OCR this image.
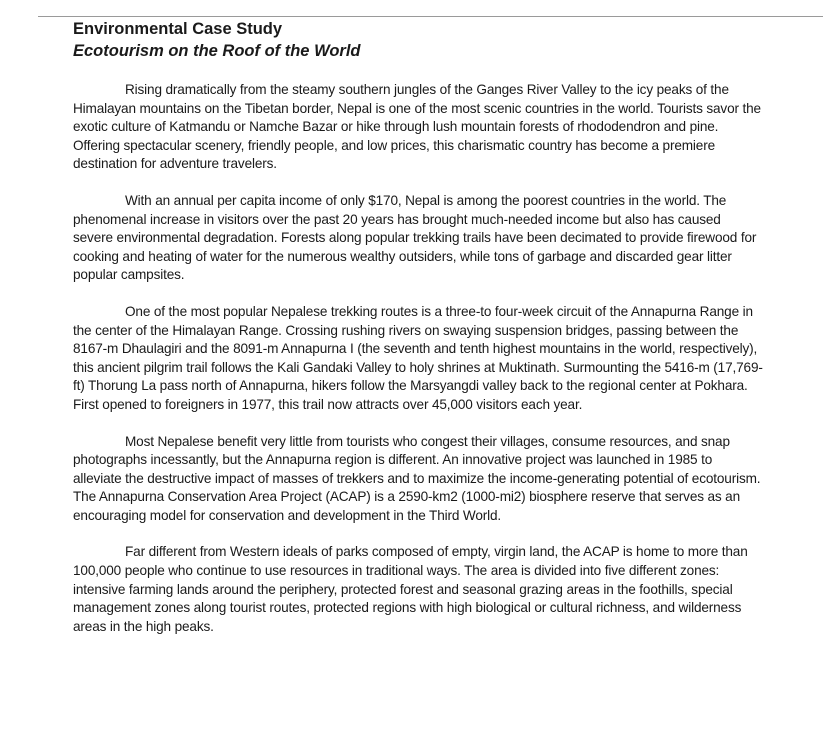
Environmental Case Study
Ecotourism on the Roof of the World

Rising dramatically from the steamy southern jungles of the Ganges River Valley to the icy peaks of the Himalayan mountains on the Tibetan border, Nepal is one of the most scenic countries in the world. Tourists savor the exotic culture of Katmandu or Namche Bazar or hike through lush mountain forests of rhododendron and pine. Offering spectacular scenery, friendly people, and low prices, this charismatic country has become a premiere destination for adventure travelers.

With an annual per capita income of only $170, Nepal is among the poorest countries in the world. The phenomenal increase in visitors over the past 20 years has brought much-needed income but also has caused severe environmental degradation. Forests along popular trekking trails have been decimated to provide firewood for cooking and heating of water for the numerous wealthy outsiders, while tons of garbage and discarded gear litter popular campsites.

One of the most popular Nepalese trekking routes is a three-to four-week circuit of the Annapurna Range in the center of the Himalayan Range. Crossing rushing rivers on swaying suspension bridges, passing between the 8167-m Dhaulagiri and the 8091-m Annapurna I (the seventh and tenth highest mountains in the world, respectively), this ancient pilgrim trail follows the Kali Gandaki Valley to holy shrines at Muktinath. Surmounting the 5416-m (17,769-ft) Thorung La pass north of Annapurna, hikers follow the Marsyangdi valley back to the regional center at Pokhara. First opened to foreigners in 1977, this trail now attracts over 45,000 visitors each year.

Most Nepalese benefit very little from tourists who congest their villages, consume resources, and snap photographs incessantly, but the Annapurna region is different. An innovative project was launched in 1985 to alleviate the destructive impact of masses of trekkers and to maximize the income-generating potential of ecotourism. The Annapurna Conservation Area Project (ACAP) is a 2590-km2 (1000-mi2) biosphere reserve that serves as an encouraging model for conservation and development in the Third World.

Far different from Western ideals of parks composed of empty, virgin land, the ACAP is home to more than 100,000 people who continue to use resources in traditional ways. The area is divided into five different zones: intensive farming lands around the periphery, protected forest and seasonal grazing areas in the foothills, special management zones along tourist routes, protected regions with high biological or cultural richness, and wilderness areas in the high peaks.
